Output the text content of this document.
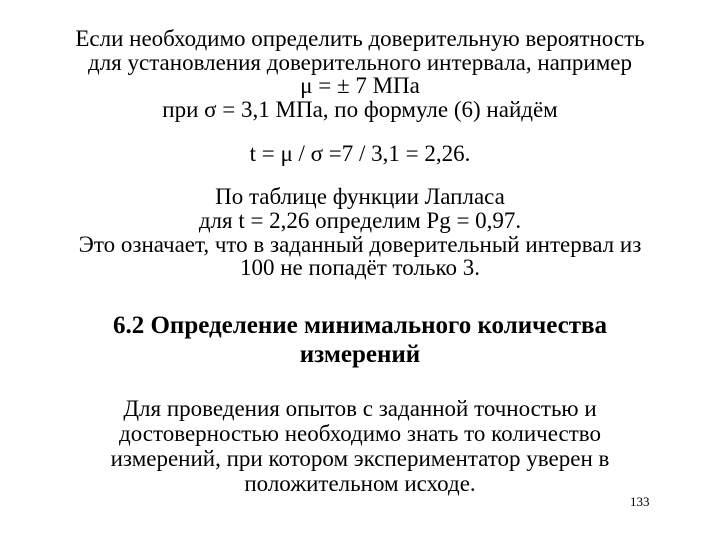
Если необходимо определить доверительную вероятность
для установления доверительного интервала, например
μ = ± 7 МПа
при σ = 3,1 МПа, по формуле (6) найдём
t = μ / σ =7 / 3,1 = 2,26.
По таблице функции Лапласа
для t = 2,26 определим Pg = 0,97.
Это означает, что в заданный доверительный интервал из
100 не попадёт только 3.
6.2 Определение минимального количества
измерений
Для проведения опытов с заданной точностью и
достоверностью необходимо знать то количество
измерений, при котором экспериментатор уверен в
положительном исходе.
133
